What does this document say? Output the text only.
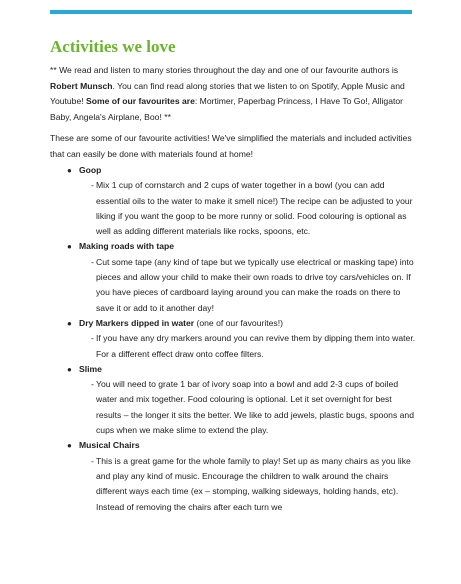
Activities we love

** We read and listen to many stories throughout the day and one of our favourite authors is Robert Munsch. You can find read along stories that we listen to on Spotify, Apple Music and Youtube! Some of our favourites are: Mortimer, Paperbag Princess, I Have To Go!, Alligator Baby, Angela's Airplane, Boo! **

These are some of our favourite activities! We've simplified the materials and included activities that can easily be done with materials found at home!

● Goop
- Mix 1 cup of cornstarch and 2 cups of water together in a bowl (you can add essential oils to the water to make it smell nice!) The recipe can be adjusted to your liking if you want the goop to be more runny or solid. Food colouring is optional as well as adding different materials like rocks, spoons, etc.
● Making roads with tape
- Cut some tape (any kind of tape but we typically use electrical or masking tape) into pieces and allow your child to make their own roads to drive toy cars/vehicles on. If you have pieces of cardboard laying around you can make the roads on there to save it or add to it another day!
● Dry Markers dipped in water (one of our favourites!)
- If you have any dry markers around you can revive them by dipping them into water. For a different effect draw onto coffee filters.
● Slime
- You will need to grate 1 bar of ivory soap into a bowl and add 2-3 cups of boiled water and mix together. Food colouring is optional. Let it set overnight for best results – the longer it sits the better. We like to add jewels, plastic bugs, spoons and cups when we make slime to extend the play.
● Musical Chairs
- This is a great game for the whole family to play! Set up as many chairs as you like and play any kind of music. Encourage the children to walk around the chairs different ways each time (ex – stomping, walking sideways, holding hands, etc). Instead of removing the chairs after each turn we
